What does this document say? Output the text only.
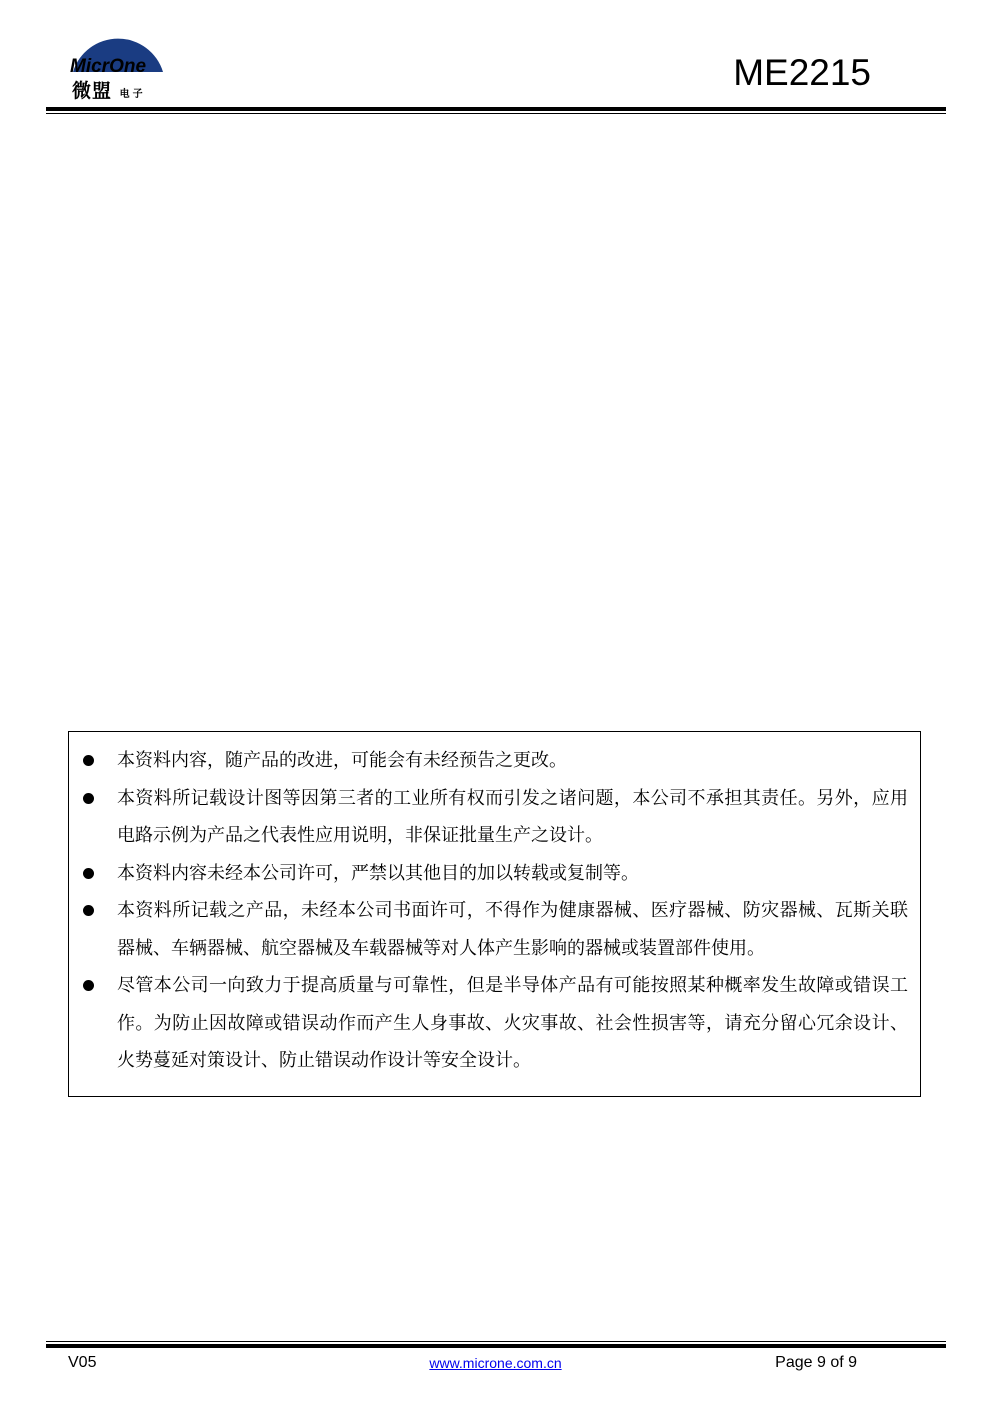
MicrOne
微盟 电子
ME2215
本资料内容，随产品的改进，可能会有未经预告之更改。
本资料所记载设计图等因第三者的工业所有权而引发之诸问题，本公司不承担其责任。另外，应用电路示例为产品之代表性应用说明，非保证批量生产之设计。
本资料内容未经本公司许可，严禁以其他目的加以转载或复制等。
本资料所记载之产品，未经本公司书面许可，不得作为健康器械、医疗器械、防灾器械、瓦斯关联器械、车辆器械、航空器械及车载器械等对人体产生影响的器械或装置部件使用。
尽管本公司一向致力于提高质量与可靠性，但是半导体产品有可能按照某种概率发生故障或错误工作。为防止因故障或错误动作而产生人身事故、火灾事故、社会性损害等，请充分留心冗余设计、火势蔓延对策设计、防止错误动作设计等安全设计。
V05	www.microne.com.cn	Page 9 of 9
